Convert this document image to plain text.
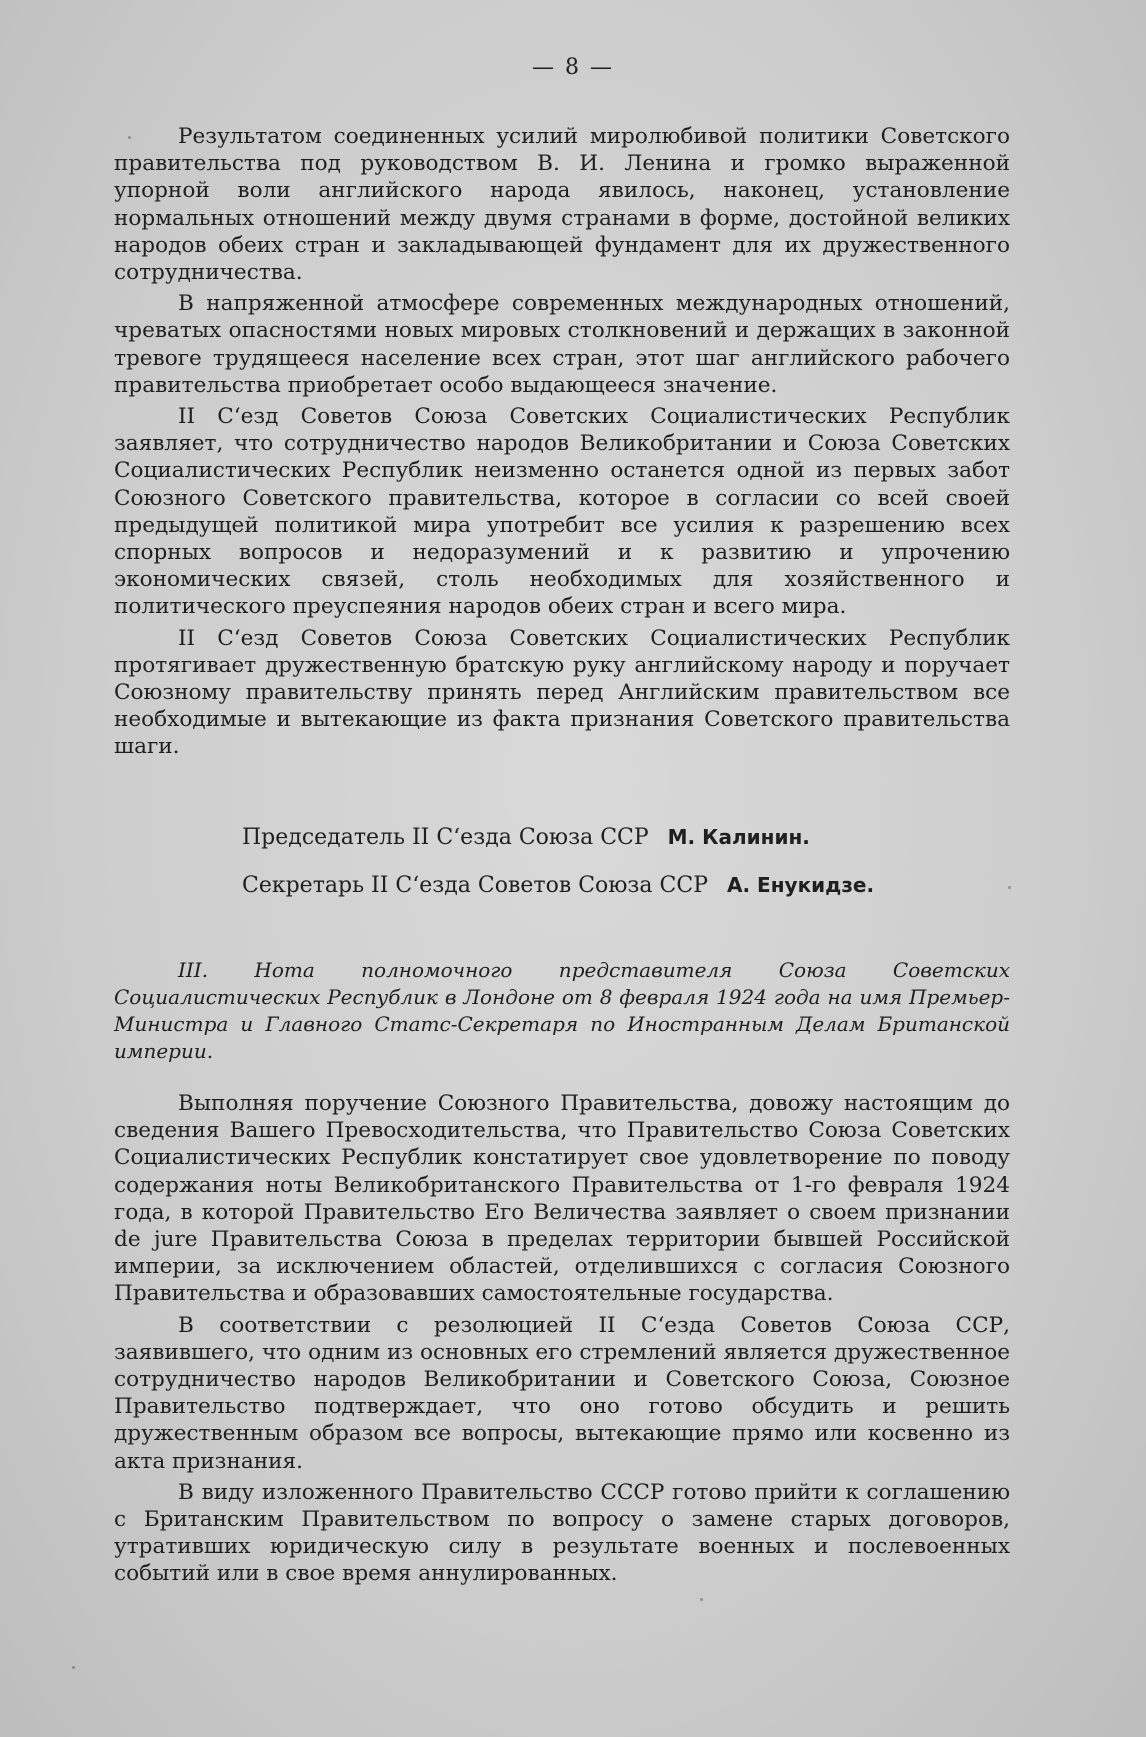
— 8 —

Результатом соединенных усилий миролюбивой политики Советского правительства под руководством В. И. Ленина и громко выраженной упорной воли английского народа явилось, наконец, установление нормальных отношений между двумя странами в форме, достойной великих народов обеих стран и закладывающей фундамент для их дружественного сотрудничества.

В напряженной атмосфере современных международных отношений, чреватых опасностями новых мировых столкновений и держащих в законной тревоге трудящееся население всех стран, этот шаг английского рабочего правительства приобретает особо выдающееся значение.

II С‘езд Советов Союза Советских Социалистических Республик заявляет, что сотрудничество народов Великобритании и Союза Советских Социалистических Республик неизменно останется одной из первых забот Союзного Советского правительства, которое в согласии со всей своей предыдущей политикой мира употребит все усилия к разрешению всех спорных вопросов и недоразумений и к развитию и упрочению экономических связей, столь необходимых для хозяйственного и политического преуспеяния народов обеих стран и всего мира.

II С‘езд Советов Союза Советских Социалистических Республик протягивает дружественную братскую руку английскому народу и поручает Союзному правительству принять перед Английским правительством все необходимые и вытекающие из факта признания Советского правительства шаги.

Председатель II С‘езда Союза ССР М. Калинин.
Секретарь II С‘езда Советов Союза ССР А. Енукидзе.
III. Нота полномочного представителя Союза Советских Социалистических Республик в Лондоне от 8 февраля 1924 года на имя Премьер-Министра и Главного Статс-Секретаря по Иностранным Делам Британской империи.

Выполняя поручение Союзного Правительства, довожу настоящим до сведения Вашего Превосходительства, что Правительство Союза Советских Социалистических Республик констатирует свое удовлетворение по поводу содержания ноты Великобританского Правительства от 1-го февраля 1924 года, в которой Правительство Его Величества заявляет о своем признании de jure Правительства Союза в пределах территории бывшей Российской империи, за исключением областей, отделившихся с согласия Союзного Правительства и образовавших самостоятельные государства.

В соответствии с резолюцией II С‘езда Советов Союза ССР, заявившего, что одним из основных его стремлений является дружественное сотрудничество народов Великобритании и Советского Союза, Союзное Правительство подтверждает, что оно готово обсудить и решить дружественным образом все вопросы, вытекающие прямо или косвенно из акта признания.

В виду изложенного Правительство СССР готово прийти к соглашению с Британским Правительством по вопросу о замене старых договоров, утративших юридическую силу в результате военных и послевоенных событий или в свое время аннулированных.
